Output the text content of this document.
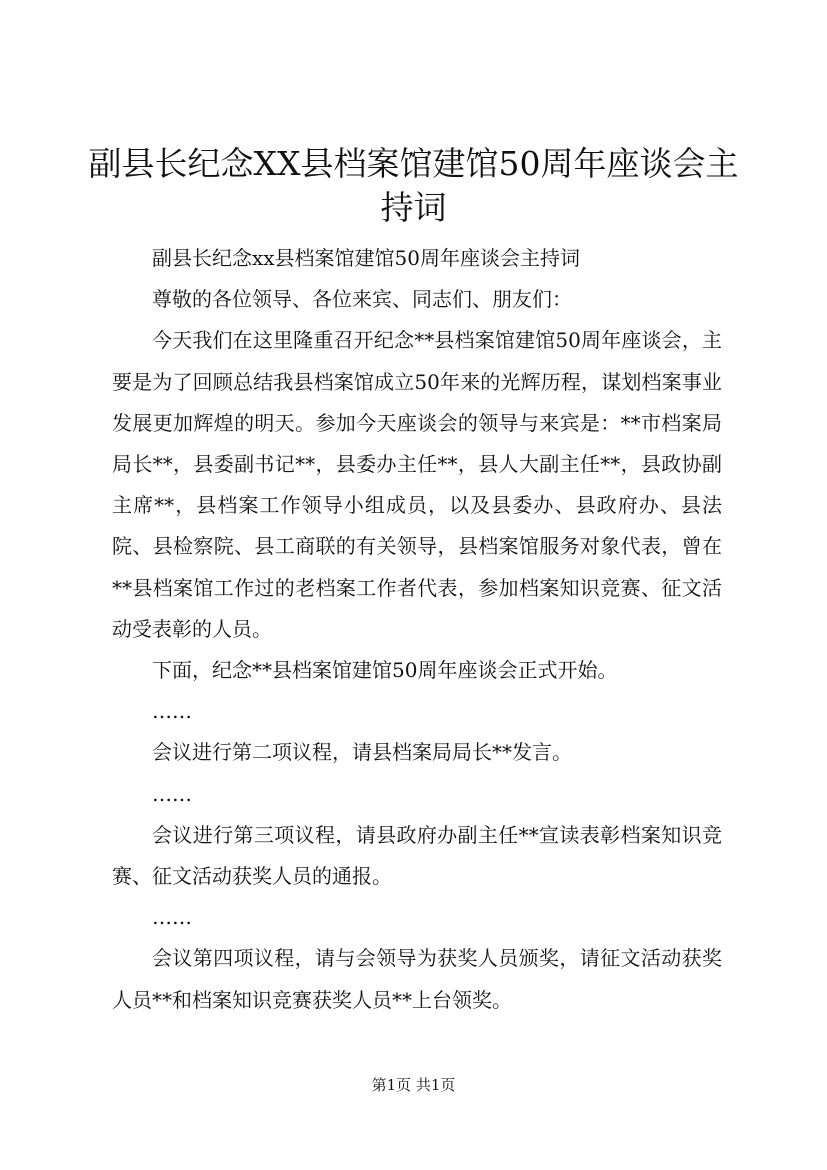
副县长纪念XX县档案馆建馆50周年座谈会主持词

副县长纪念xx县档案馆建馆50周年座谈会主持词

尊敬的各位领导、各位来宾、同志们、朋友们：

今天我们在这里隆重召开纪念**县档案馆建馆50周年座谈会，主要是为了回顾总结我县档案馆成立50年来的光辉历程，谋划档案事业发展更加辉煌的明天。参加今天座谈会的领导与来宾是：**市档案局局长**，县委副书记**，县委办主任**，县人大副主任**，县政协副主席**，县档案工作领导小组成员，以及县委办、县政府办、县法院、县检察院、县工商联的有关领导，县档案馆服务对象代表，曾在**县档案馆工作过的老档案工作者代表，参加档案知识竞赛、征文活动受表彰的人员。

下面，纪念**县档案馆建馆50周年座谈会正式开始。

……

会议进行第二项议程，请县档案局局长**发言。

……

会议进行第三项议程，请县政府办副主任**宣读表彰档案知识竞赛、征文活动获奖人员的通报。

……

会议第四项议程，请与会领导为获奖人员颁奖，请征文活动获奖人员**和档案知识竞赛获奖人员**上台领奖。

第1页 共1页
